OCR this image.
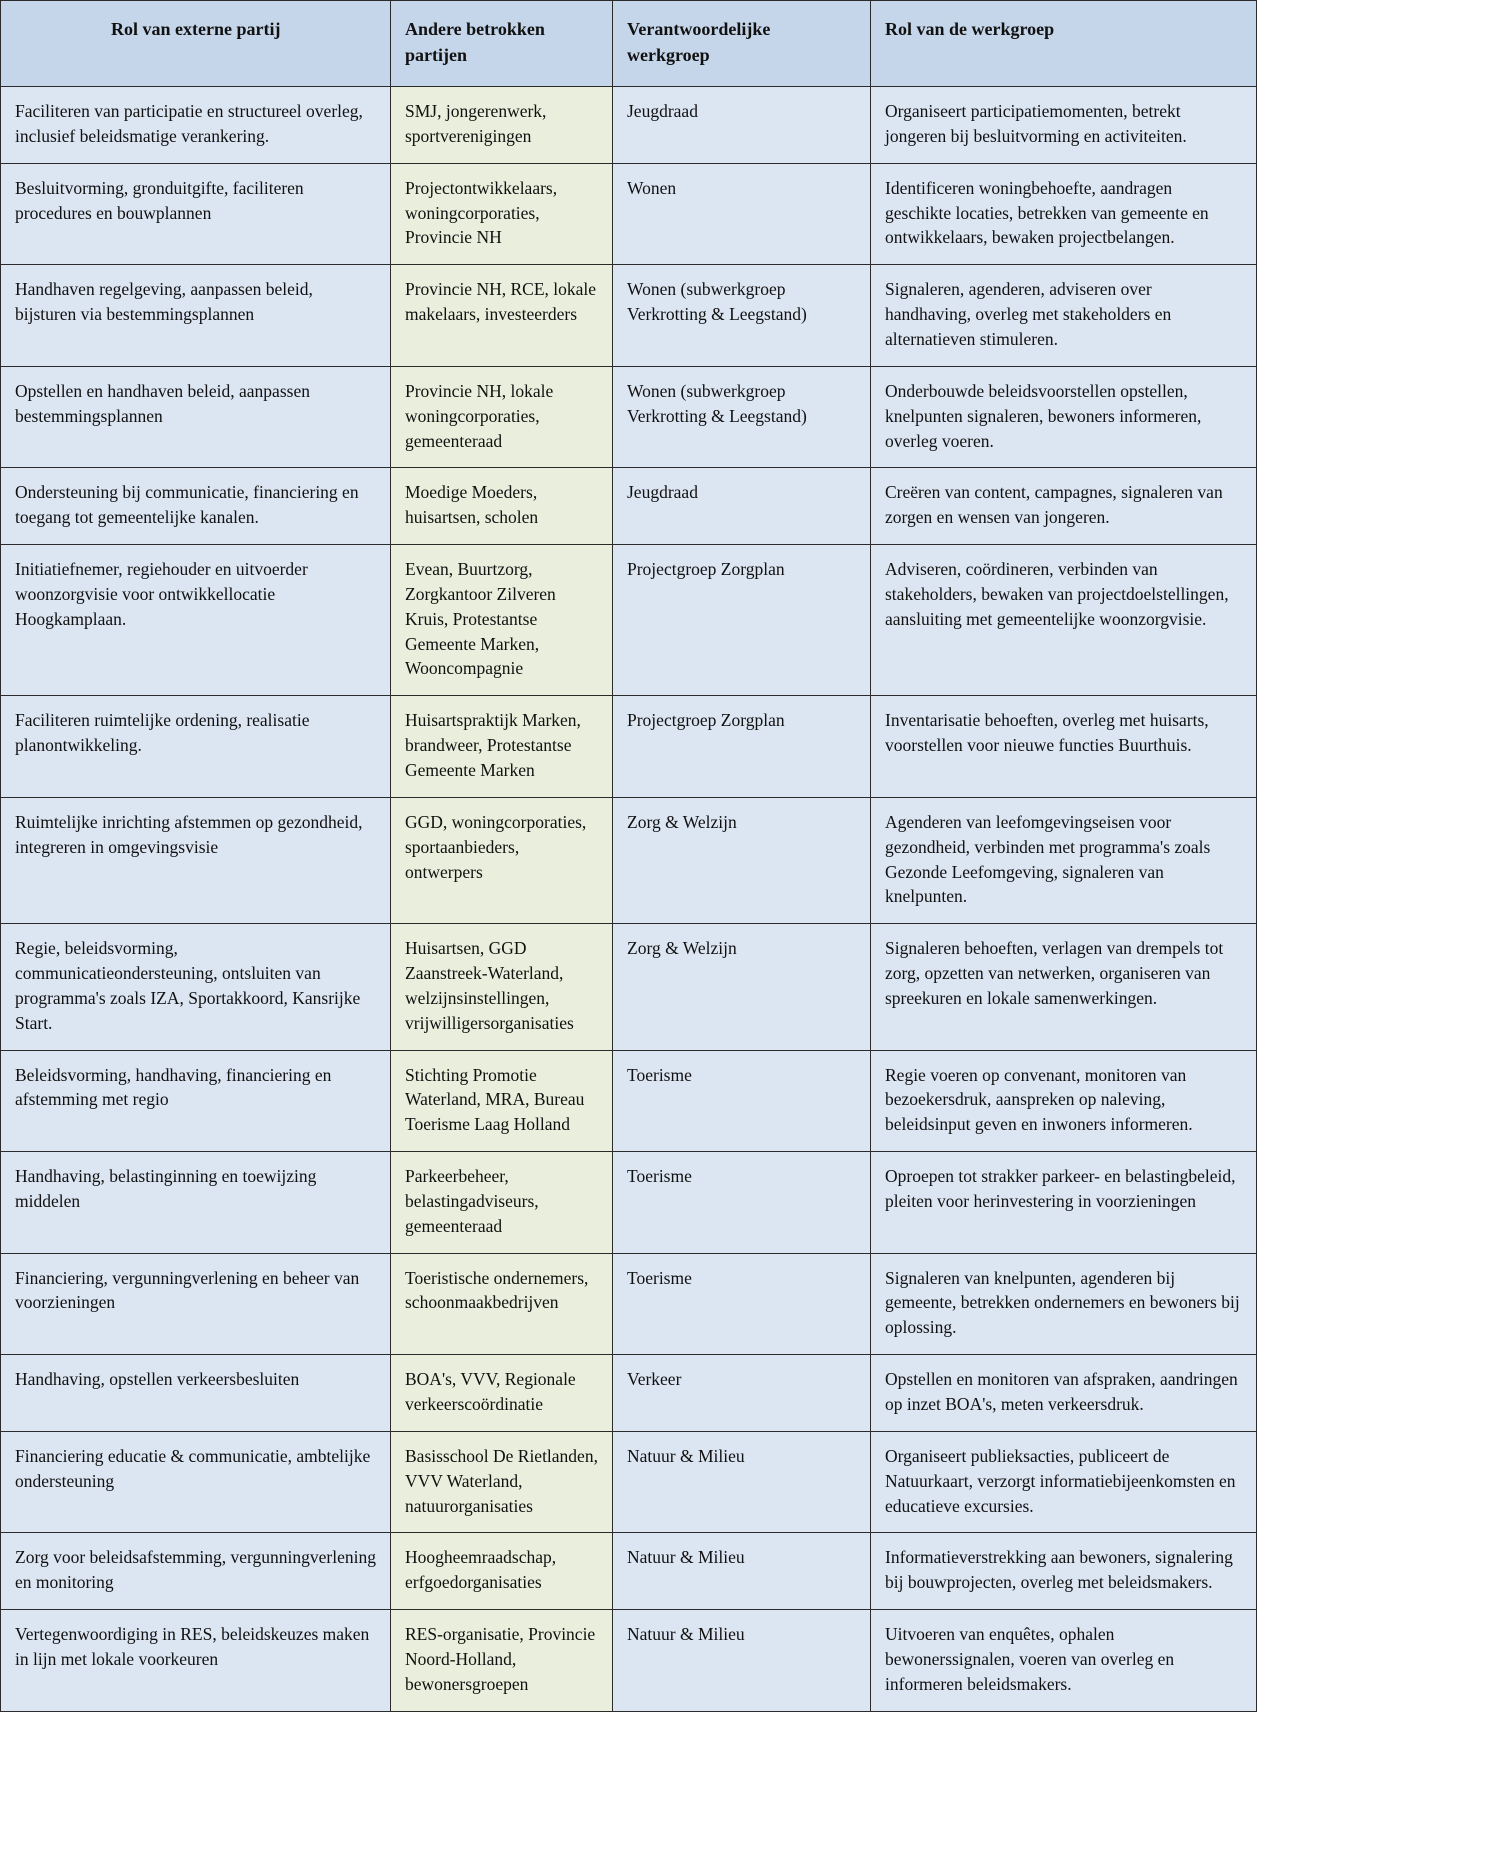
Rol van externe partij	Andere betrokken partijen	Verantwoordelijke werkgroep	Rol van de werkgroep

Faciliteren van participatie en structureel overleg, inclusief beleidsmatige verankering.	SMJ, jongerenwerk, sportverenigingen	Jeugdraad	Organiseert participatiemomenten, betrekt jongeren bij besluitvorming en activiteiten.

Besluitvorming, gronduitgifte, faciliteren procedures en bouwplannen	Projectontwikkelaars, woningcorporaties, Provincie NH	Wonen	Identificeren woningbehoefte, aandragen geschikte locaties, betrekken van gemeente en ontwikkelaars, bewaken projectbelangen.

Handhaven regelgeving, aanpassen beleid, bijsturen via bestemmingsplannen	Provincie NH, RCE, lokale makelaars, investeerders	Wonen (subwerkgroep Verkrotting & Leegstand)	Signaleren, agenderen, adviseren over handhaving, overleg met stakeholders en alternatieven stimuleren.

Opstellen en handhaven beleid, aanpassen bestemmingsplannen	Provincie NH, lokale woningcorporaties, gemeenteraad	Wonen (subwerkgroep Verkrotting & Leegstand)	Onderbouwde beleidsvoorstellen opstellen, knelpunten signaleren, bewoners informeren, overleg voeren.

Ondersteuning bij communicatie, financiering en toegang tot gemeentelijke kanalen.	Moedige Moeders, huisartsen, scholen	Jeugdraad	Creëren van content, campagnes, signaleren van zorgen en wensen van jongeren.

Initiatiefnemer, regiehouder en uitvoerder woonzorgvisie voor ontwikkellocatie Hoogkamplaan.	Evean, Buurtzorg, Zorgkantoor Zilveren Kruis, Protestantse Gemeente Marken, Wooncompagnie	Projectgroep Zorgplan	Adviseren, coördineren, verbinden van stakeholders, bewaken van projectdoelstellingen, aansluiting met gemeentelijke woonzorgvisie.

Faciliteren ruimtelijke ordening, realisatie planontwikkeling.	Huisartspraktijk Marken, brandweer, Protestantse Gemeente Marken	Projectgroep Zorgplan	Inventarisatie behoeften, overleg met huisarts, voorstellen voor nieuwe functies Buurthuis.

Ruimtelijke inrichting afstemmen op gezondheid, integreren in omgevingsvisie	GGD, woningcorporaties, sportaanbieders, ontwerpers	Zorg & Welzijn	Agenderen van leefomgevingseisen voor gezondheid, verbinden met programma's zoals Gezonde Leefomgeving, signaleren van knelpunten.

Regie, beleidsvorming, communicatieondersteuning, ontsluiten van programma's zoals IZA, Sportakkoord, Kansrijke Start.	Huisartsen, GGD Zaanstreek-Waterland, welzijnsinstellingen, vrijwilligersorganisaties	Zorg & Welzijn	Signaleren behoeften, verlagen van drempels tot zorg, opzetten van netwerken, organiseren van spreekuren en lokale samenwerkingen.

Beleidsvorming, handhaving, financiering en afstemming met regio	Stichting Promotie Waterland, MRA, Bureau Toerisme Laag Holland	Toerisme	Regie voeren op convenant, monitoren van bezoekersdruk, aanspreken op naleving, beleidsinput geven en inwoners informeren.

Handhaving, belastinginning en toewijzing middelen	Parkeerbeheer, belastingadviseurs, gemeenteraad	Toerisme	Oproepen tot strakker parkeer- en belastingbeleid, pleiten voor herinvestering in voorzieningen

Financiering, vergunningverlening en beheer van voorzieningen	Toeristische ondernemers, schoonmaakbedrijven	Toerisme	Signaleren van knelpunten, agenderen bij gemeente, betrekken ondernemers en bewoners bij oplossing.

Handhaving, opstellen verkeersbesluiten	BOA's, VVV, Regionale verkeerscoördinatie	Verkeer	Opstellen en monitoren van afspraken, aandringen op inzet BOA's, meten verkeersdruk.

Financiering educatie & communicatie, ambtelijke ondersteuning	Basisschool De Rietlanden, VVV Waterland, natuurorganisaties	Natuur & Milieu	Organiseert publieksacties, publiceert de Natuurkaart, verzorgt informatiebijeenkomsten en educatieve excursies.

Zorg voor beleidsafstemming, vergunningverlening en monitoring	Hoogheemraadschap, erfgoedorganisaties	Natuur & Milieu	Informatieverstrekking aan bewoners, signalering bij bouwprojecten, overleg met beleidsmakers.

Vertegenwoordiging in RES, beleidskeuzes maken in lijn met lokale voorkeuren	RES-organisatie, Provincie Noord-Holland, bewonersgroepen	Natuur & Milieu	Uitvoeren van enquêtes, ophalen bewonerssignalen, voeren van overleg en informeren beleidsmakers.
